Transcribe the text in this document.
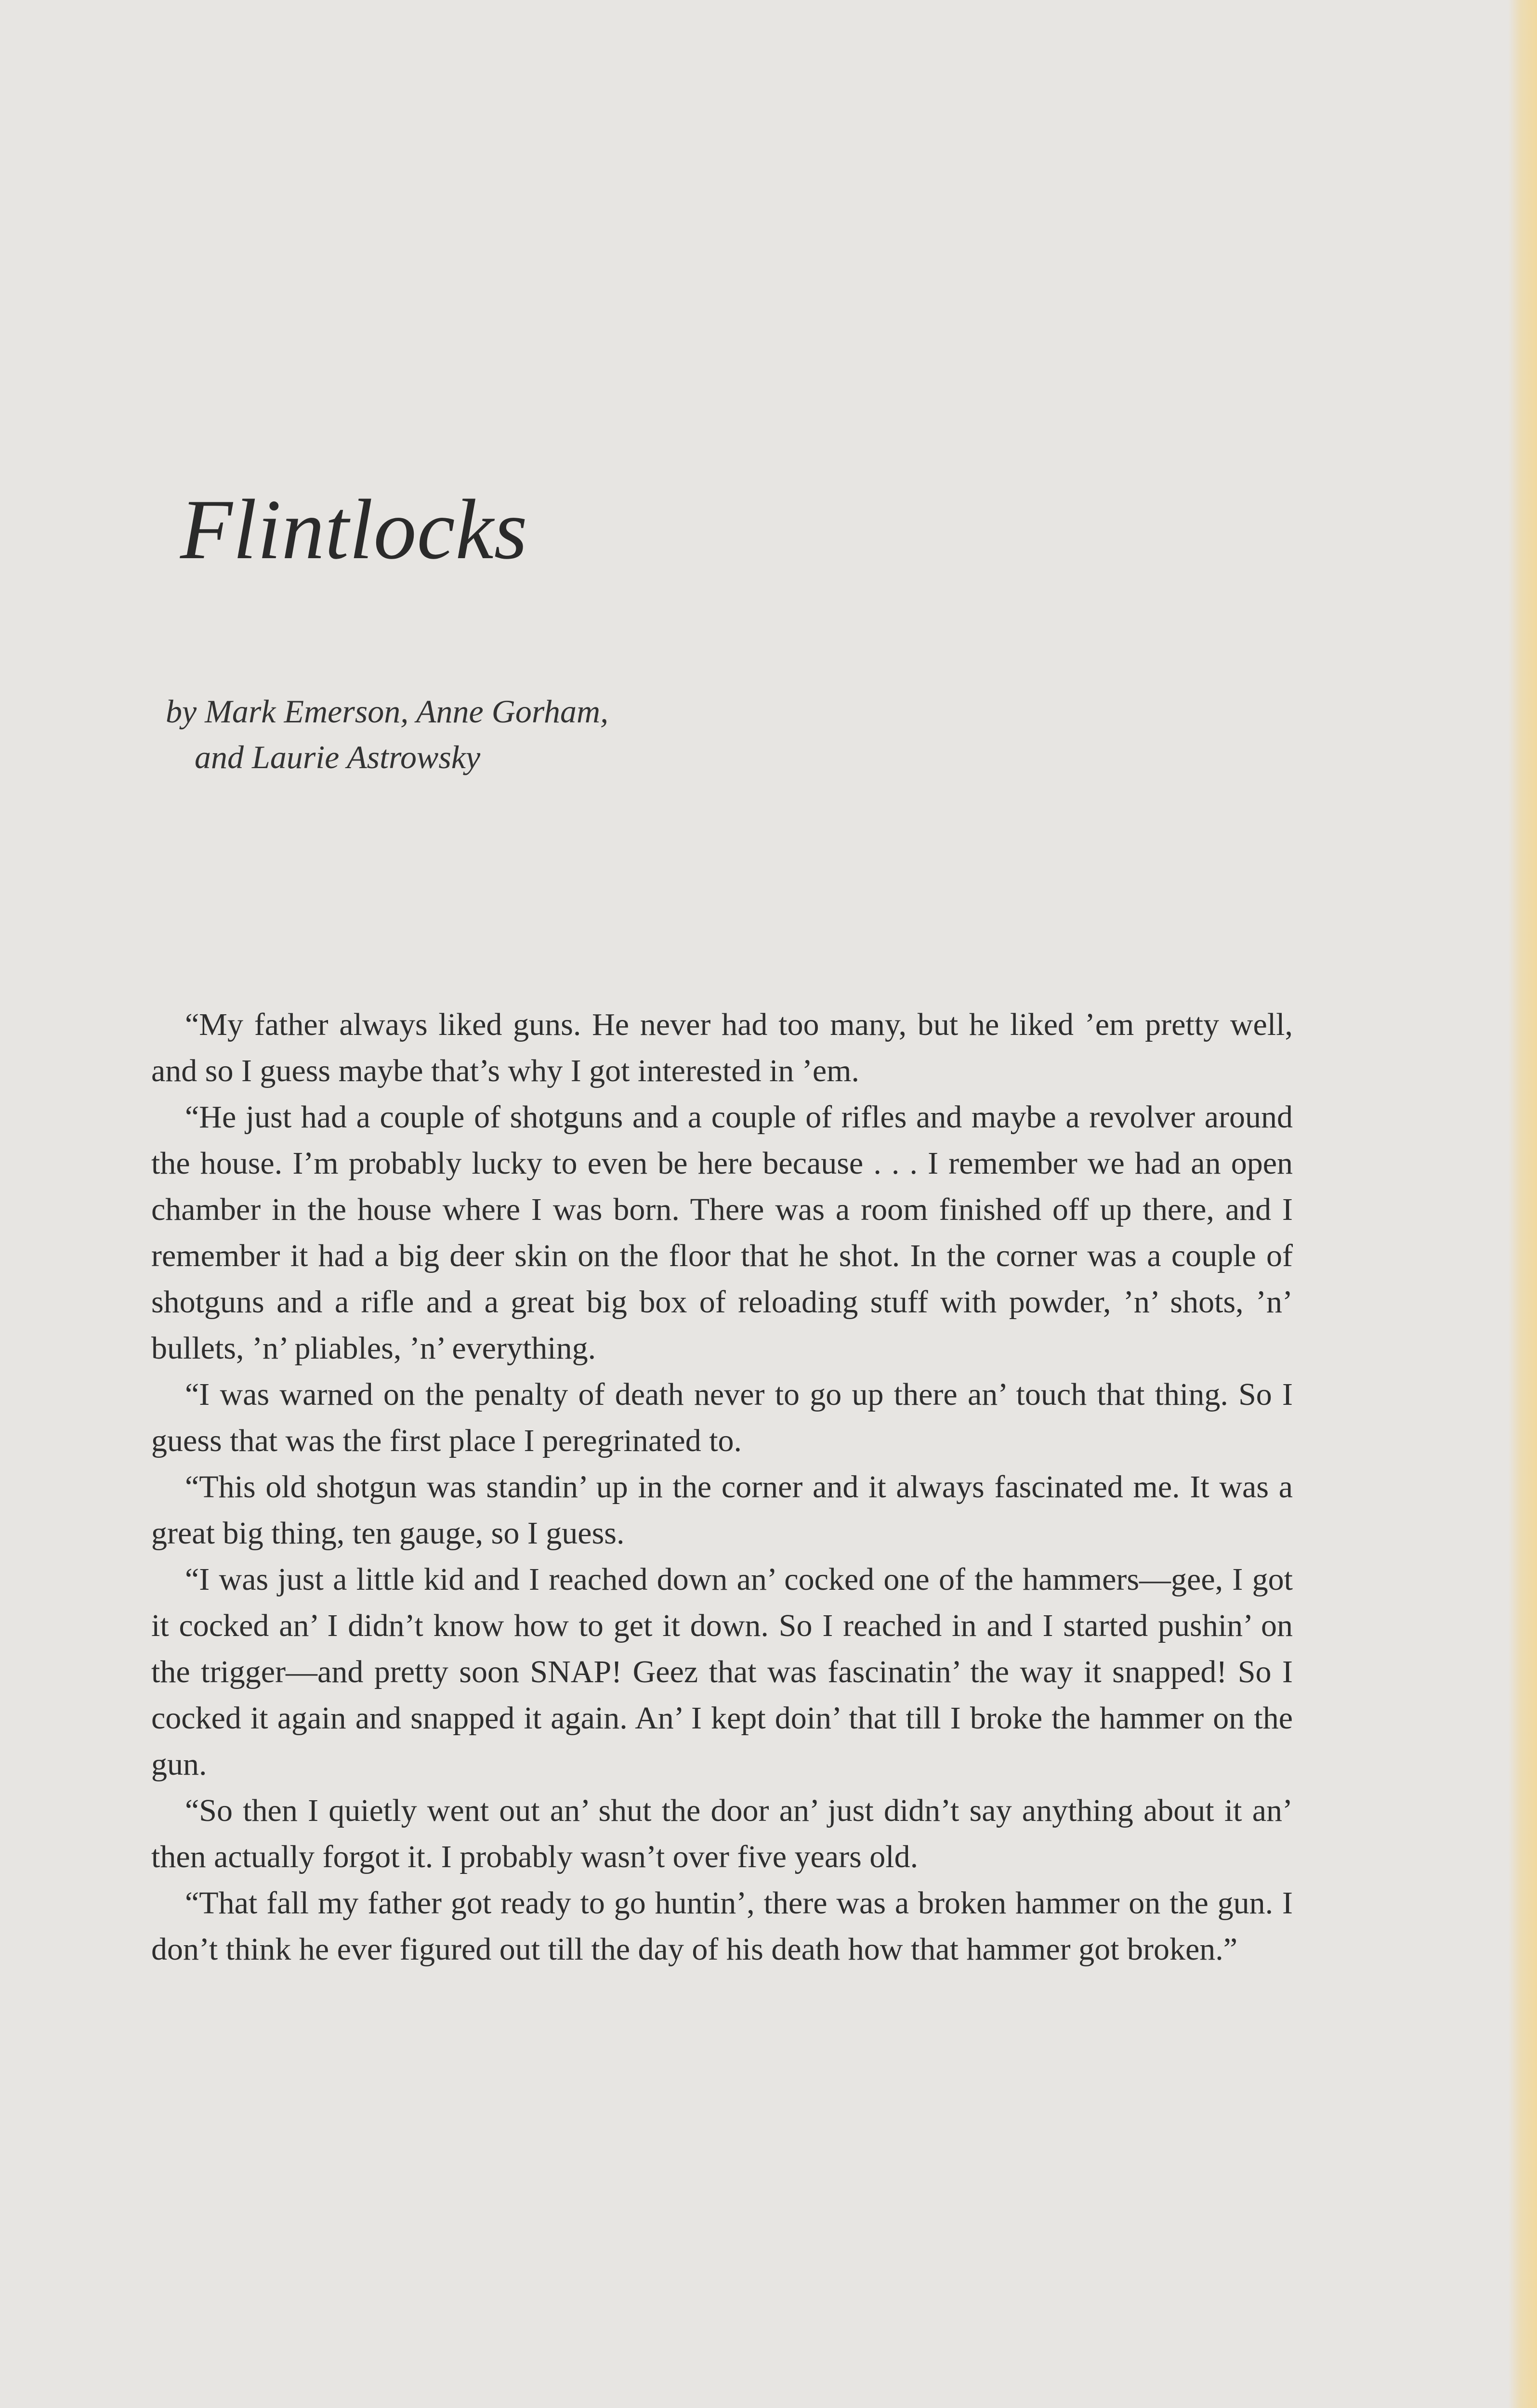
Flintlocks
by Mark Emerson, Anne Gorham,
and Laurie Astrowsky

“My father always liked guns. He never had too many, but he liked ’em pretty well, and so I guess maybe that’s why I got interested in ’em.

“He just had a couple of shotguns and a couple of rifles and maybe a revolver around the house. I’m probably lucky to even be here because . . . I remember we had an open chamber in the house where I was born. There was a room finished off up there, and I remember it had a big deer skin on the floor that he shot. In the corner was a couple of shotguns and a rifle and a great big box of reloading stuff with powder, ’n’ shots, ’n’ bullets, ’n’ pliables, ’n’ everything.

“I was warned on the penalty of death never to go up there an’ touch that thing. So I guess that was the first place I peregrinated to.

“This old shotgun was standin’ up in the corner and it always fascinated me. It was a great big thing, ten gauge, so I guess.

“I was just a little kid and I reached down an’ cocked one of the hammers—gee, I got it cocked an’ I didn’t know how to get it down. So I reached in and I started pushin’ on the trigger—and pretty soon SNAP! Geez that was fascinatin’ the way it snapped! So I cocked it again and snapped it again. An’ I kept doin’ that till I broke the hammer on the gun.

“So then I quietly went out an’ shut the door an’ just didn’t say anything about it an’ then actually forgot it. I probably wasn’t over five years old.

“That fall my father got ready to go huntin’, there was a broken hammer on the gun. I don’t think he ever figured out till the day of his death how that hammer got broken.”
